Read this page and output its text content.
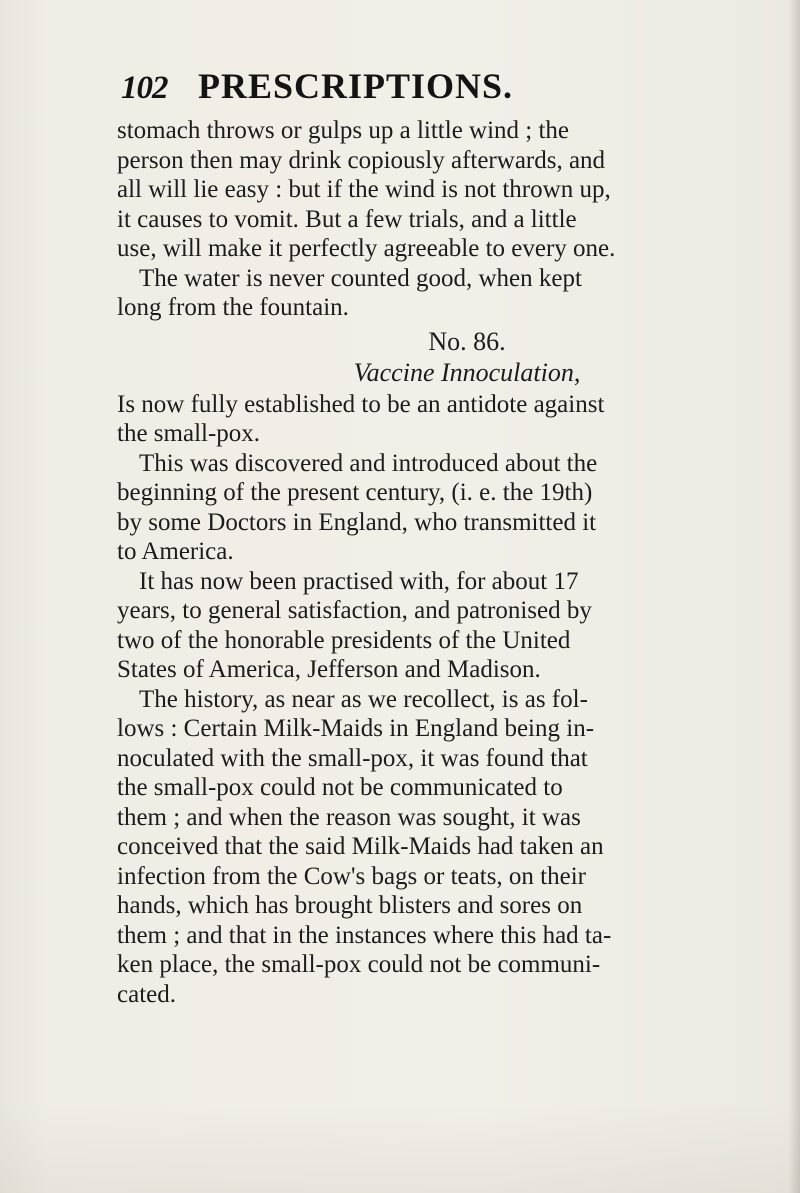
102 PRESCRIPTIONS.
stomach throws or gulps up a little wind ; the
person then may drink copiously afterwards, and
all will lie easy : but if the wind is not thrown up,
it causes to vomit. But a few trials, and a little
use, will make it perfectly agreeable to every one.
The water is never counted good, when kept
long from the fountain.
No. 86.
Vaccine Innoculation,
Is now fully established to be an antidote against
the small-pox.
This was discovered and introduced about the
beginning of the present century, (i. e. the 19th)
by some Doctors in England, who transmitted it
to America.
It has now been practised with, for about 17
years, to general satisfaction, and patronised by
two of the honorable presidents of the United
States of America, Jefferson and Madison.
The history, as near as we recollect, is as fol-
lows : Certain Milk-Maids in England being in-
noculated with the small-pox, it was found that
the small-pox could not be communicated to
them ; and when the reason was sought, it was
conceived that the said Milk-Maids had taken an
infection from the Cow's bags or teats, on their
hands, which has brought blisters and sores on
them ; and that in the instances where this had ta-
ken place, the small-pox could not be communi-
cated.
